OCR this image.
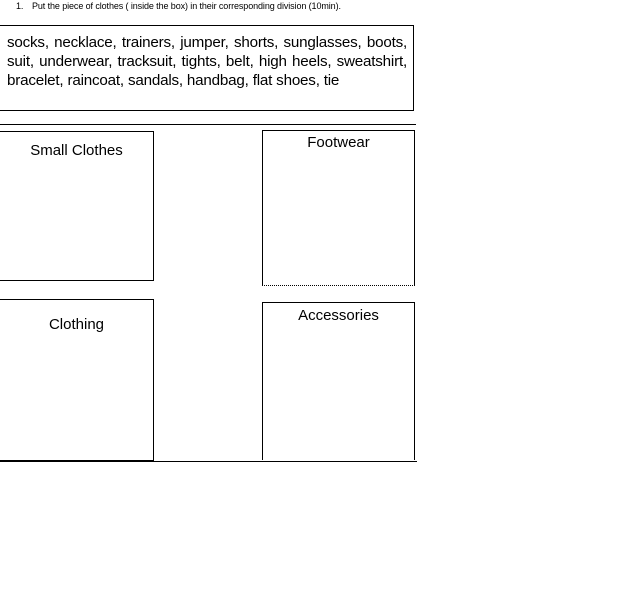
1. Put the piece of clothes ( inside the box) in their corresponding division (10min).
socks, necklace, trainers, jumper, shorts, sunglasses, boots, suit, underwear, tracksuit, tights, belt, high heels, sweatshirt, bracelet, raincoat, sandals, handbag, flat shoes, tie
Small Clothes	Footwear
Clothing
Accessories
